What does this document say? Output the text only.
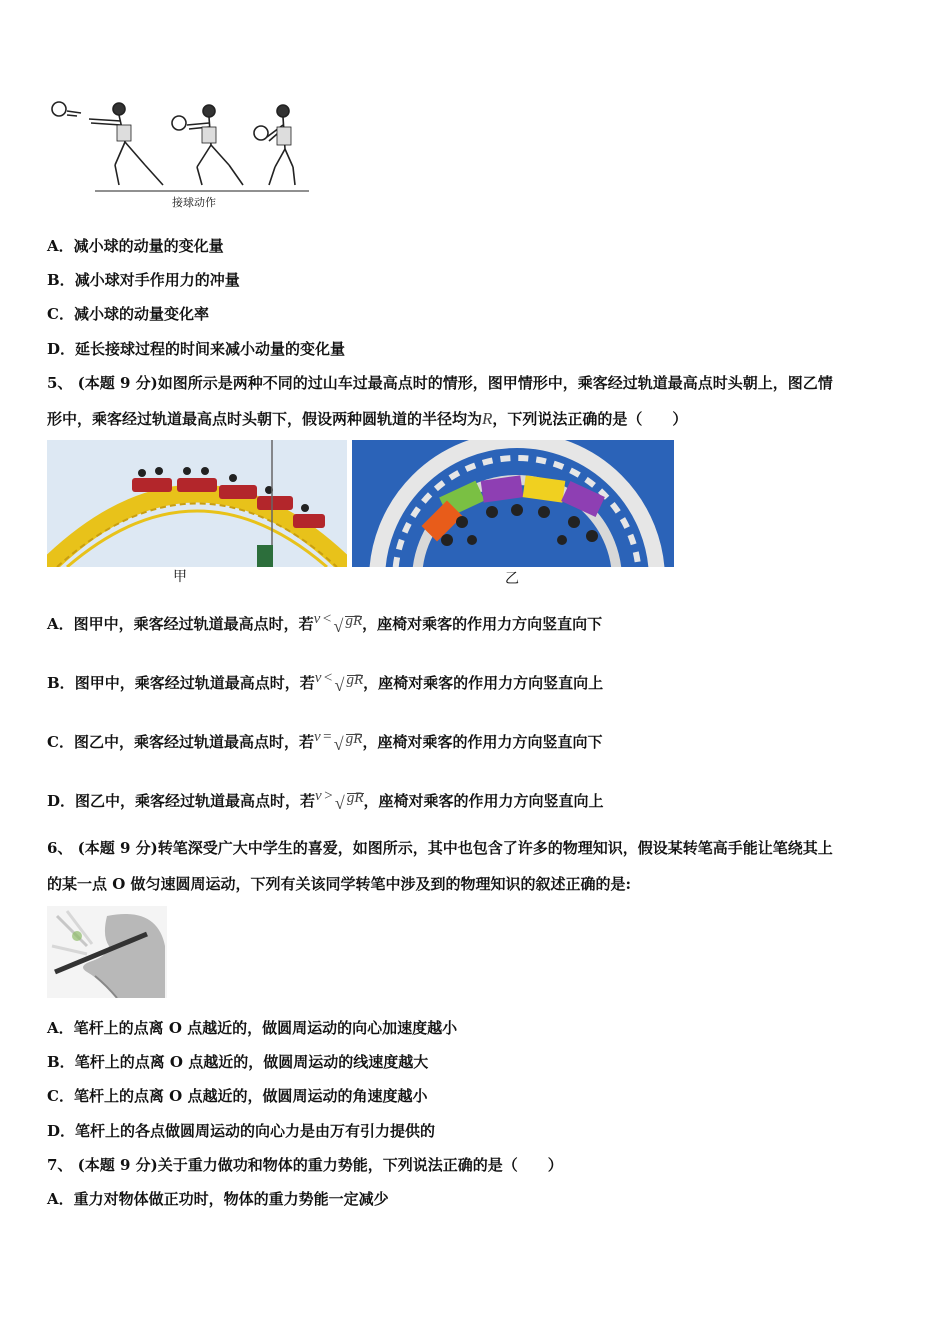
接球动作
A．减小球的动量的变化量
B．减小球对手作用力的冲量
C．减小球的动量变化率
D．延长接球过程的时间来减小动量的变化量
5、 (本题 9 分)如图所示是两种不同的过山车过最高点时的情形，图甲情形中，乘客经过轨道最高点时头朝上，图乙情
形中，乘客经过轨道最高点时头朝下，假设两种圆轨道的半径均为R，下列说法正确的是（　　）
甲	乙
A．图甲中，乘客经过轨道最高点时，若v  <  √ gR，座椅对乘客的作用力方向竖直向下
B．图甲中，乘客经过轨道最高点时，若v  <  √ gR，座椅对乘客的作用力方向竖直向上
C．图乙中，乘客经过轨道最高点时，若v  =  √ gR，座椅对乘客的作用力方向竖直向下
D．图乙中，乘客经过轨道最高点时，若v  >  √ gR，座椅对乘客的作用力方向竖直向上
6、 (本题 9 分)转笔深受广大中学生的喜爱，如图所示，其中也包含了许多的物理知识，假设某转笔高手能让笔绕其上
的某一点 O 做匀速圆周运动，下列有关该同学转笔中涉及到的物理知识的叙述正确的是:
A．笔杆上的点离 O 点越近的，做圆周运动的向心加速度越小
B．笔杆上的点离 O 点越近的，做圆周运动的线速度越大
C．笔杆上的点离 O 点越近的，做圆周运动的角速度越小
D．笔杆上的各点做圆周运动的向心力是由万有引力提供的
7、 (本题 9 分)关于重力做功和物体的重力势能，下列说法正确的是（　　）
A．重力对物体做正功时，物体的重力势能一定减少
